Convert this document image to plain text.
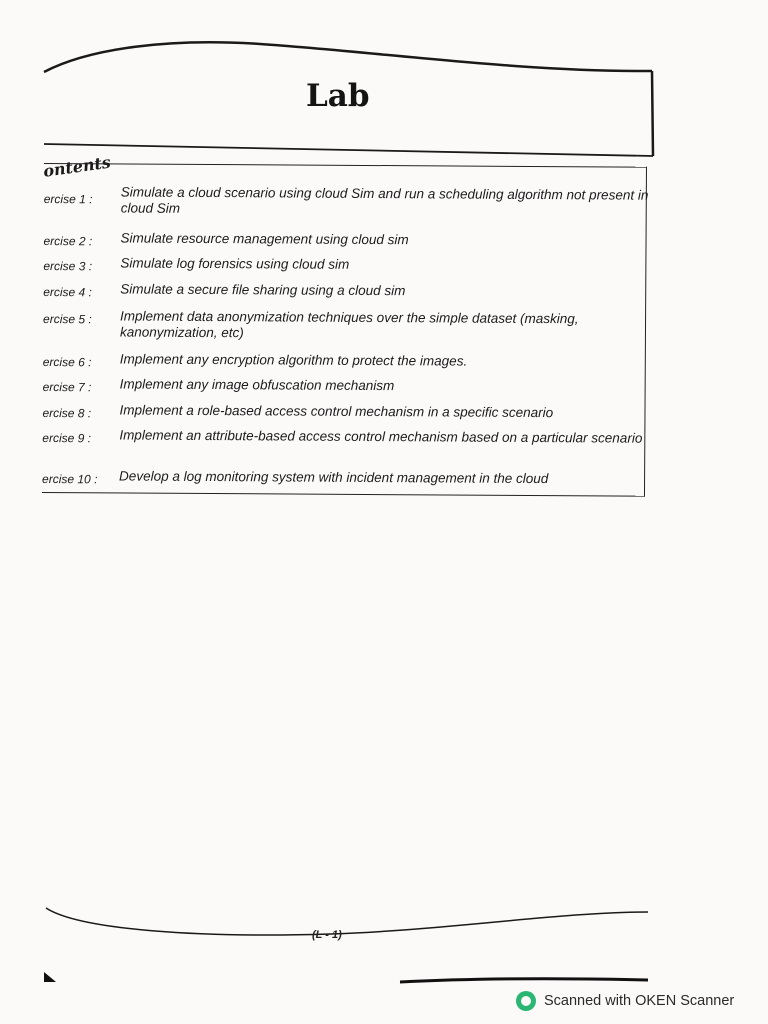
Lab
ontents
ercise 1 : Simulate a cloud scenario using cloud Sim and run a scheduling algorithm not present in cloud Sim
ercise 2 : Simulate resource management using cloud sim
ercise 3 : Simulate log forensics using cloud sim
ercise 4 : Simulate a secure file sharing using a cloud sim
ercise 5 : Implement data anonymization techniques over the simple dataset (masking, kanonymization, etc)
ercise 6 : Implement any encryption algorithm to protect the images.
ercise 7 : Implement any image obfuscation mechanism
ercise 8 : Implement a role-based access control mechanism in a specific scenario
ercise 9 : Implement an attribute-based access control mechanism based on a particular scenario
ercise 10 : Develop a log monitoring system with incident management in the cloud
(L - 1)
Scanned with OKEN Scanner
